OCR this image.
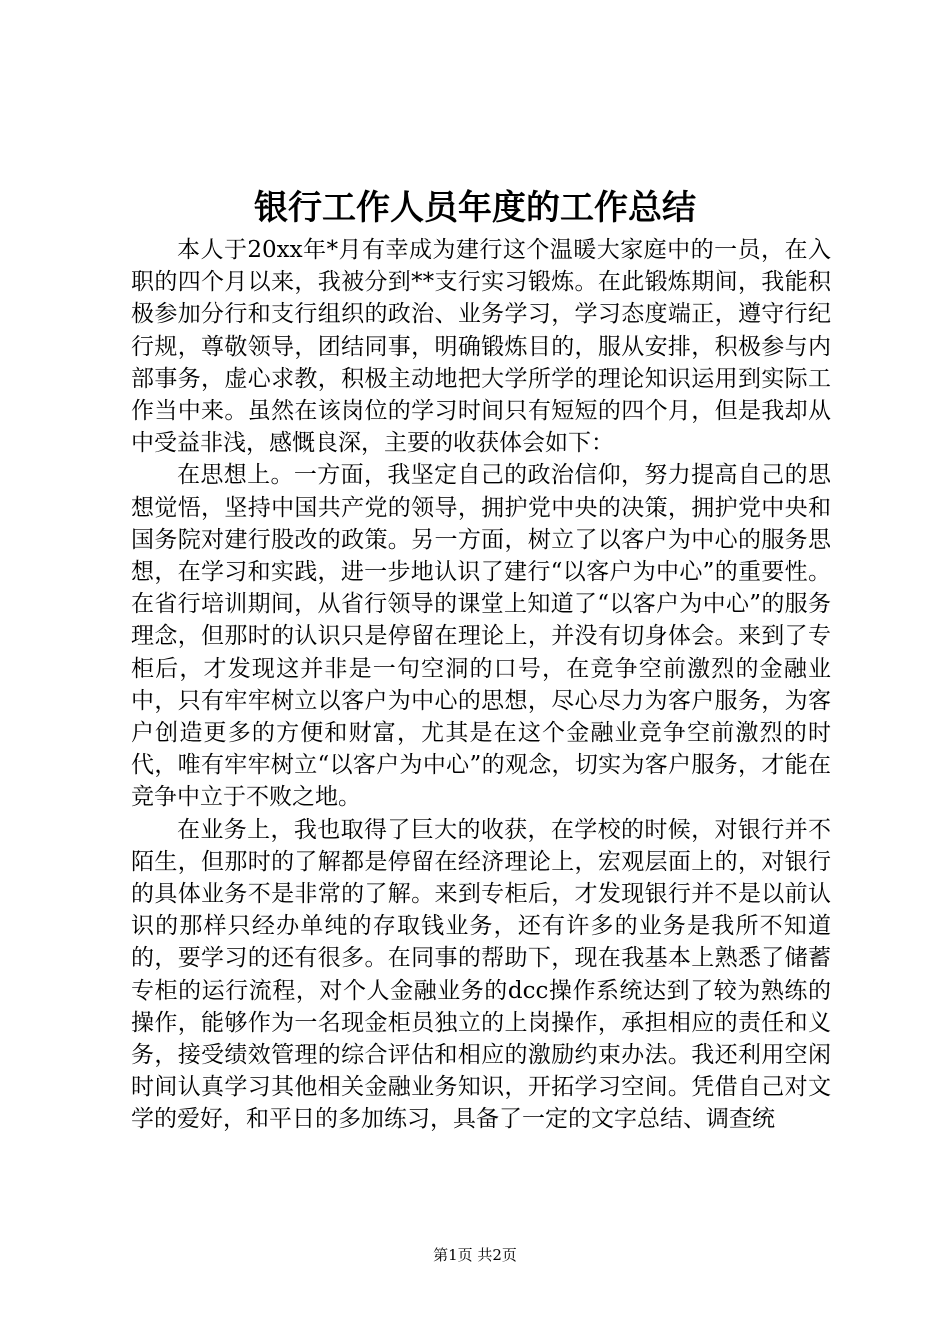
银行工作人员年度的工作总结

本人于20xx年*月有幸成为建行这个温暖大家庭中的一员，在入职的四个月以来，我被分到**支行实习锻炼。在此锻炼期间，我能积极参加分行和支行组织的政治、业务学习，学习态度端正，遵守行纪行规，尊敬领导，团结同事，明确锻炼目的，服从安排，积极参与内部事务，虚心求教，积极主动地把大学所学的理论知识运用到实际工作当中来。虽然在该岗位的学习时间只有短短的四个月，但是我却从中受益非浅，感慨良深，主要的收获体会如下：

在思想上。一方面，我坚定自己的政治信仰，努力提高自己的思想觉悟，坚持中国共产党的领导，拥护党中央的决策，拥护党中央和国务院对建行股改的政策。另一方面，树立了以客户为中心的服务思想，在学习和实践，进一步地认识了建行“以客户为中心”的重要性。在省行培训期间，从省行领导的课堂上知道了“以客户为中心”的服务理念，但那时的认识只是停留在理论上，并没有切身体会。来到了专柜后，才发现这并非是一句空洞的口号，在竞争空前激烈的金融业中，只有牢牢树立以客户为中心的思想，尽心尽力为客户服务，为客户创造更多的方便和财富，尤其是在这个金融业竞争空前激烈的时代，唯有牢牢树立“以客户为中心”的观念，切实为客户服务，才能在竞争中立于不败之地。

在业务上，我也取得了巨大的收获，在学校的时候，对银行并不陌生，但那时的了解都是停留在经济理论上，宏观层面上的，对银行的具体业务不是非常的了解。来到专柜后，才发现银行并不是以前认识的那样只经办单纯的存取钱业务，还有许多的业务是我所不知道的，要学习的还有很多。在同事的帮助下，现在我基本上熟悉了储蓄专柜的运行流程，对个人金融业务的dcc操作系统达到了较为熟练的操作，能够作为一名现金柜员独立的上岗操作，承担相应的责任和义务，接受绩效管理的综合评估和相应的激励约束办法。我还利用空闲时间认真学习其他相关金融业务知识，开拓学习空间。凭借自己对文学的爱好，和平日的多加练习，具备了一定的文字总结、调查统

第1页 共2页
